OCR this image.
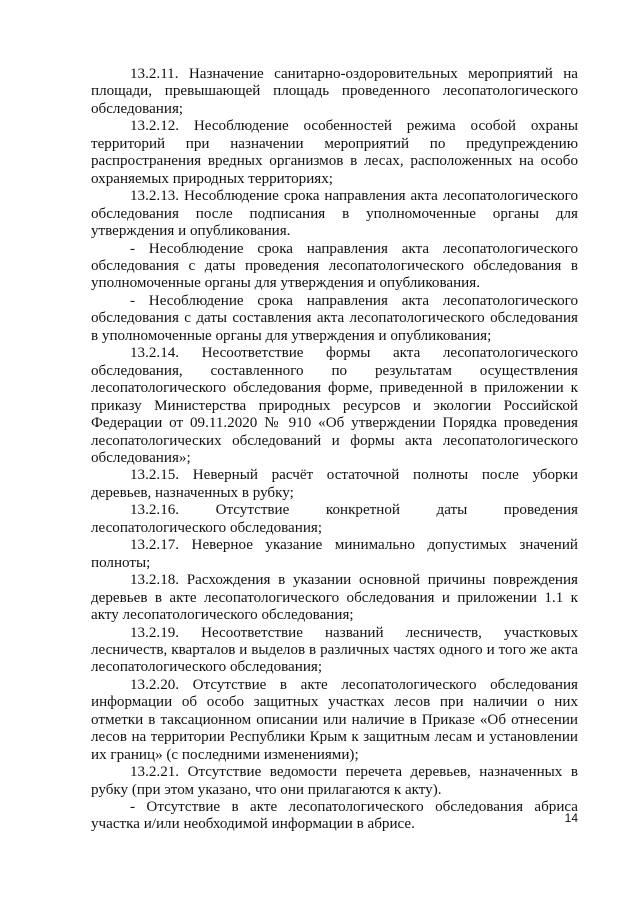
13.2.11. Назначение санитарно-оздоровительных мероприятий на площади, превышающей площадь проведенного лесопатологического обследования;

13.2.12. Несоблюдение особенностей режима особой охраны территорий при назначении мероприятий по предупреждению распространения вредных организмов в лесах, расположенных на особо охраняемых природных территориях;

13.2.13. Несоблюдение срока направления акта лесопатологического обследования после подписания в уполномоченные органы для утверждения и опубликования.

- Несоблюдение срока направления акта лесопатологического обследования с даты проведения лесопатологического обследования в уполномоченные органы для утверждения и опубликования.

- Несоблюдение срока направления акта лесопатологического обследования с даты составления акта лесопатологического обследования в уполномоченные органы для утверждения и опубликования;

13.2.14. Несоответствие формы акта лесопатологического обследования, составленного по результатам осуществления лесопатологического обследования форме, приведенной в приложении к приказу Министерства природных ресурсов и экологии Российской Федерации от 09.11.2020 № 910 «Об утверждении Порядка проведения лесопатологических обследований и формы акта лесопатологического обследования»;

13.2.15. Неверный расчёт остаточной полноты после уборки деревьев, назначенных в рубку;

13.2.16. Отсутствие конкретной даты проведения лесопатологического обследования;

13.2.17. Неверное указание минимально допустимых значений полноты;

13.2.18. Расхождения в указании основной причины повреждения деревьев в акте лесопатологического обследования и приложении 1.1 к акту лесопатологического обследования;

13.2.19. Несоответствие названий лесничеств, участковых лесничеств, кварталов и выделов в различных частях одного и того же акта лесопатологического обследования;

13.2.20. Отсутствие в акте лесопатологического обследования информации об особо защитных участках лесов при наличии о них отметки в таксационном описании или наличие в Приказе «Об отнесении лесов на территории Республики Крым к защитным лесам и установлении их границ» (с последними изменениями);

13.2.21. Отсутствие ведомости перечета деревьев, назначенных в рубку (при этом указано, что они прилагаются к акту).

- Отсутствие в акте лесопатологического обследования абриса участка и/или необходимой информации в абрисе.	14
